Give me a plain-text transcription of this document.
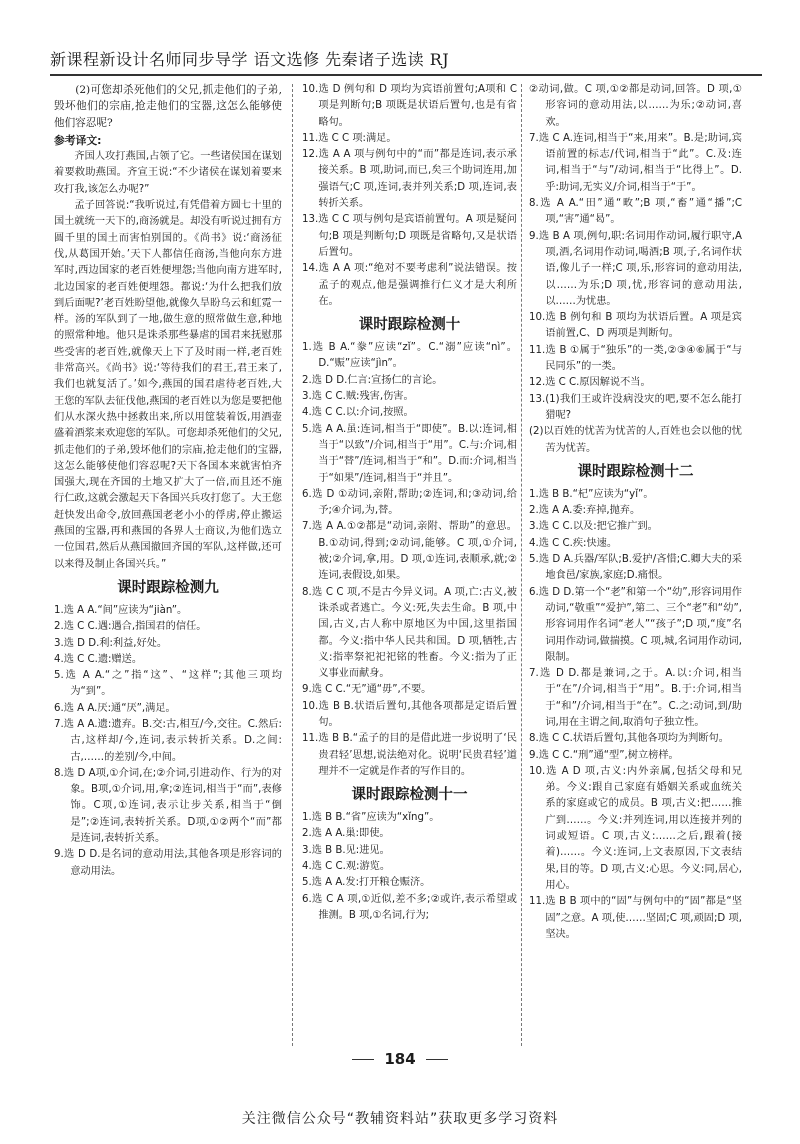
新课程新设计名师同步导学 语文选修 先秦诸子选读 RJ

(2)可您却杀死他们的父兄,抓走他们的子弟,毁坏他们的宗庙,抢走他们的宝器,这怎么能够使他们容忍呢?

参考译文:

齐国人攻打燕国,占领了它。一些诸侯国在谋划着要救助燕国。齐宣王说:“不少诸侯在谋划着要来攻打我,该怎么办呢?”

孟子回答说:“我听说过,有凭借着方圆七十里的国土就统一天下的,商汤就是。却没有听说过拥有方圆千里的国土而害怕别国的。《尚书》说:‘商汤征伐,从葛国开始。’天下人都信任商汤,当他向东方进军时,西边国家的老百姓便埋怨;当他向南方进军时,北边国家的老百姓便埋怨。都说:‘为什么把我们放到后面呢?’老百姓盼望他,就像久旱盼乌云和虹霓一样。汤的军队到了一地,做生意的照常做生意,种地的照常种地。他只是诛杀那些暴虐的国君来抚慰那些受害的老百姓,就像天上下了及时雨一样,老百姓非常高兴。《尚书》说:‘等待我们的君王,君王来了,我们也就复活了。’如今,燕国的国君虐待老百姓,大王您的军队去征伐他,燕国的老百姓以为您是要把他们从水深火热中拯救出来,所以用筐装着饭,用酒壶盛着酒浆来欢迎您的军队。可您却杀死他们的父兄,抓走他们的子弟,毁坏他们的宗庙,抢走他们的宝器,这怎么能够使他们容忍呢?天下各国本来就害怕齐国强大,现在齐国的土地又扩大了一倍,而且还不施行仁政,这就会激起天下各国兴兵攻打您了。大王您赶快发出命令,放回燕国老老小小的俘虏,停止搬运燕国的宝器,再和燕国的各界人士商议,为他们选立一位国君,然后从燕国撤回齐国的军队,这样做,还可以来得及制止各国兴兵。”

课时跟踪检测九

1.选 A A.“间”应读为“jiàn”。

2.选 C C.遇:遇合,指国君的信任。

3.选 D D.利:利益,好处。

4.选 C C.遗:赠送。

5.选 A A.“之”指“这”、“这样”;其他三项均为“到”。

6.选 A A.厌:通“厌”,满足。

7.选 A A.遗:遗弃。B.交:古,相互/今,交往。C.然后:古,这样却/今,连词,表示转折关系。D.之间:古,……的差别/今,中间。

8.选 D A项,①介词,在;②介词,引进动作、行为的对象。B项,①介词,用,拿;②连词,相当于“而”,表修饰。C项,①连词,表示让步关系,相当于“倒是”;②连词,表转折关系。D项,①②两个“而”都是连词,表转折关系。

9.选 D D.是名词的意动用法,其他各项是形容词的意动用法。

10.选 D 例句和 D 项均为宾语前置句;A项和 C 项是判断句;B 项既是状语后置句,也是有省略句。

11.选 C C 项:满足。

12.选 A A 项与例句中的“而”都是连词,表示承接关系。B 项,助词,而已,矣三个助词连用,加强语气;C 项,连词,表并列关系;D 项,连词,表转折关系。

13.选 C C 项与例句是宾语前置句。A 项是疑问句;B 项是判断句;D 项既是省略句,又是状语后置句。

14.选 A A 项:“绝对不要考虑利”说法错误。按孟子的观点,他是强调推行仁义才是大利所在。

课时跟踪检测十

1.选 B A.“豢”应读“zǐ”。C.“溺”应读“nì”。D.“赈”应读“jìn”。

2.选 D D.仁言:宣扬仁的言论。

3.选 C C.贼:残害,伤害。

4.选 C C.以:介词,按照。

5.选 A A.虽:连词,相当于“即使”。B.以:连词,相当于“以致”/介词,相当于“用”。C.与:介词,相当于“替”/连词,相当于“和”。D.而:介词,相当于“如果”/连词,相当于“并且”。

6.选 D ①动词,亲附,帮助;②连词,和;③动词,给予;④介词,为,替。

7.选 A A.①②都是“动词,亲附、帮助”的意思。B.①动词,得到;②动词,能够。C 项,①介词,被;②介词,拿,用。D 项,①连词,表顺承,就;②连词,表假设,如果。

8.选 C C 项,不是古今异义词。A 项,亡:古义,被诛杀或者逃亡。今义:死,失去生命。B 项,中国,古义,古人称中原地区为中国,这里指国都。今义:指中华人民共和国。D 项,牺牲,古义:指率祭祀祀祀铭的牲畜。今义:指为了正义事业而献身。

9.选 C C.“无”通“毋”,不要。

10.选 B B.状语后置句,其他各项都是定语后置句。

11.选 B B.“孟子的目的是借此进一步说明了‘民贵君轻’思想,说法绝对化。说明‘民贵君轻’道理并不一定就是作者的写作目的。

课时跟踪检测十一

1.选 B B.“省”应读为“xǐng”。

2.选 A A.巢:即使。

3.选 B B.见:进见。

4.选 C C.观:游览。

5.选 A A.发:打开粮仓赈济。

6.选 C A 项,①近似,差不多;②或许,表示希望或推测。B 项,①名词,行为;

②动词,做。C 项,①②都是动词,回答。D 项,①形容词的意动用法,以……为乐;②动词,喜欢。

7.选 C A.连词,相当于“来,用来”。B.是;助词,宾语前置的标志/代词,相当于“此”。C.及:连词,相当于“与”/动词,相当于“比得上”。D.乎:助词,无实义/介词,相当于“于”。

8.选 A A.“田”通“畋”;B 项,“畜”通“播”;C 项,“害”通“曷”。

9.选 B A 项,例句,职:名词用作动词,履行职守,A 项,酒,名词用作动词,喝酒;B 项,子,名词作状语,像儿子一样;C 项,乐,形容词的意动用法,以……为乐;D 项,忧,形容词的意动用法,以……为忧患。

10.选 B 例句和 B 项均为状语后置。A 项是宾语前置,C、D 两项是判断句。

11.选 B ①属于“独乐”的一类,②③④⑥属于“与民同乐”的一类。

12.选 C C.原因解说不当。

13.(1)我们王或许没病没灾的吧,要不怎么能打猎呢?

(2)以百姓的忧苦为忧苦的人,百姓也会以他的忧苦为忧苦。

课时跟踪检测十二

1.选 B B.“杞”应读为“yǐ”。

2.选 A A.委:弃掉,抛弃。

3.选 C C.以及:把它推广到。

4.选 C C.疾:快速。

5.选 D A.兵器/军队;B.爱护/吝惜;C.卿大夫的采地食邑/家族,家庭;D.痛恨。

6.选 D D.第一个“老”和第一个“幼”,形容词用作动词,“敬重”“爱护”,第二、三个“老”和“幼”,形容词用作名词“老人”“孩子”;D 项,“度”名词用作动词,做揣摸。C 项,城,名词用作动词,限制。

7.选 D D.都是兼词,之于。A.以:介词,相当于“在”/介词,相当于“用”。B.于:介词,相当于“和”/介词,相当于“在”。C.之:动词,到/助词,用在主谓之间,取消句子独立性。

8.选 C C.状语后置句,其他各项均为判断句。

9.选 C C.“刑”通“型”,树立榜样。

10.选 A D 项,古义:内外亲属,包括父母和兄弟。今义:跟自己家庭有婚姻关系或血统关系的家庭或它的成员。B 项,古义:把……推广到……。今义:并列连词,用以连接并列的词或短语。C 项,古义:……之后,跟着(接着)……。今义:连词,上文表原因,下文表结果,目的等。D 项,古义:心思。今义:同,居心,用心。

11.选 B B 项中的“固”与例句中的“固”都是“坚固”之意。A 项,使……坚固;C 项,顽固;D 项,坚决。

184
关注微信公众号“教辅资料站”获取更多学习资料
